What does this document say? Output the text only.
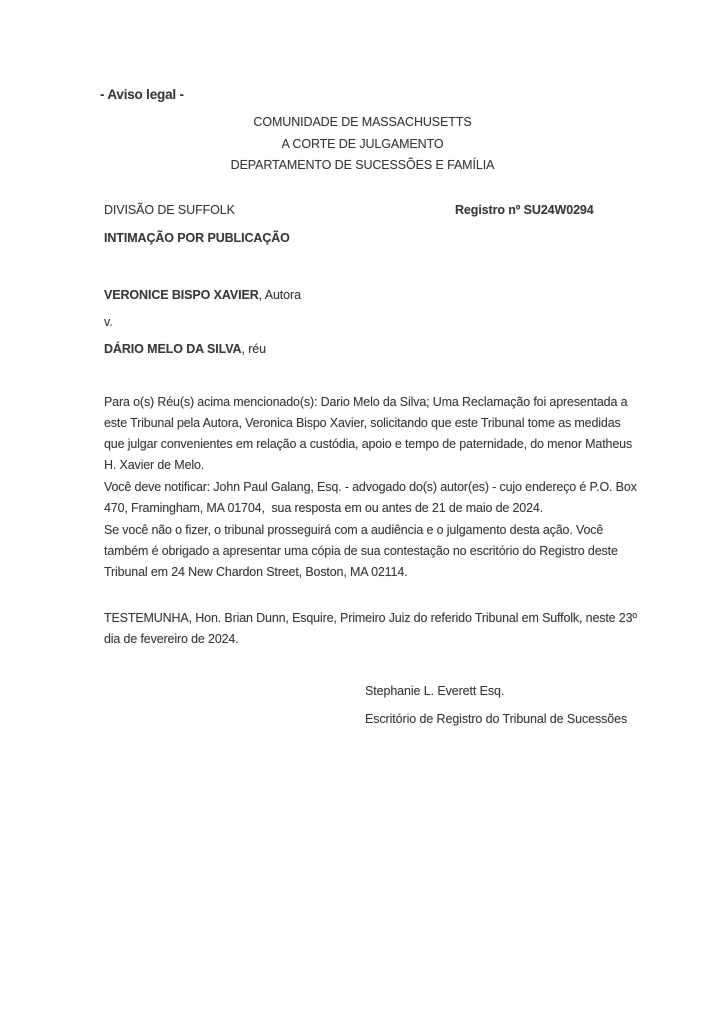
- Aviso legal -
COMUNIDADE DE MASSACHUSETTS
A CORTE DE JULGAMENTO
DEPARTAMENTO DE SUCESSÕES E FAMÍLIA
DIVISÃO DE SUFFOLK	Registro nº SU24W0294
INTIMAÇÃO POR PUBLICAÇÃO
VERONICE BISPO XAVIER, Autora
v.
DÁRIO MELO DA SILVA, réu

Para o(s) Réu(s) acima mencionado(s): Dario Melo da Silva; Uma Reclamação foi apresentada a este Tribunal pela Autora, Veronica Bispo Xavier, solicitando que este Tribunal tome as medidas que julgar convenientes em relação a custódia, apoio e tempo de paternidade, do menor Matheus H. Xavier de Melo.

Você deve notificar: John Paul Galang, Esq. - advogado do(s) autor(es) - cujo endereço é P.O. Box 470, Framingham, MA 01704,  sua resposta em ou antes de 21 de maio de 2024.

Se você não o fizer, o tribunal prosseguirá com a audiência e o julgamento desta ação. Você também é obrigado a apresentar uma cópia de sua contestação no escritório do Registro deste Tribunal em 24 New Chardon Street, Boston, MA 02114.

TESTEMUNHA, Hon. Brian Dunn, Esquire, Primeiro Juiz do referido Tribunal em Suffolk, neste 23º dia de fevereiro de 2024.

Stephanie L. Everett Esq.
Escritório de Registro do Tribunal de Sucessões
